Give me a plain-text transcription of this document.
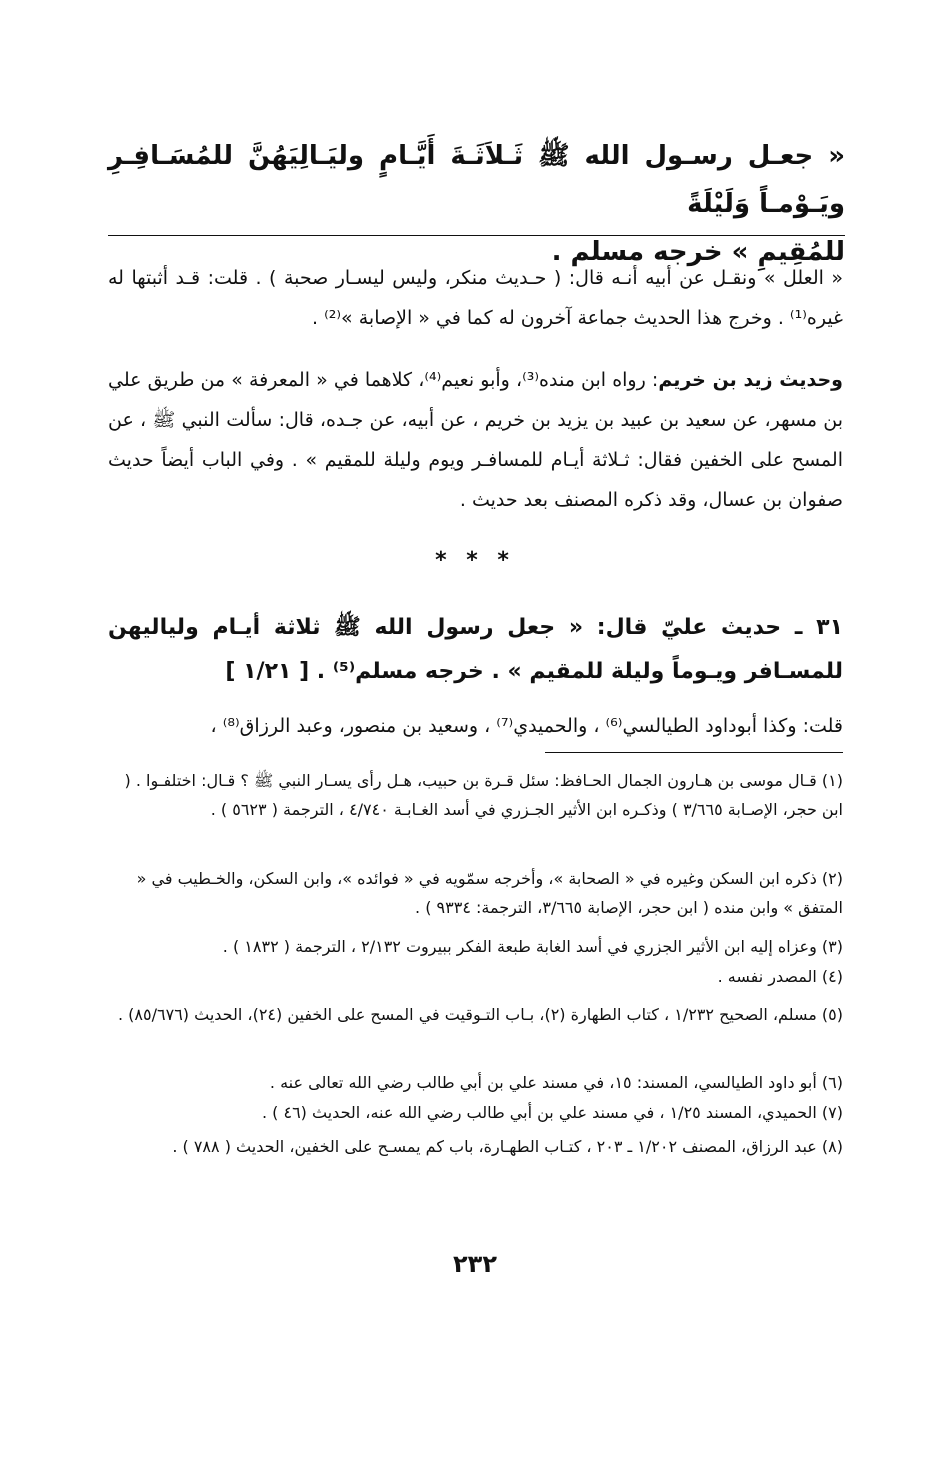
« جعـل رسـول الله ﷺ ثَـلاَثَـةَ أَيَّـامٍ وليَـالِيَهُنَّ للمُسَـافِـرِ ويَـوْمـاً وَلَيْلَةً
للمُقِيمِ » خرجه مسلم .
« العلل » ونقـل عن أبيه أنـه قال: ( حـديث منكر، وليس ليسـار صحبة ) . قلت: قـد أثبتها له غيره⁽¹⁾ . وخرج هذا الحديث جماعة آخرون له كما في « الإصابة »⁽²⁾ .
وحديث زيد بن خريم: رواه ابن منده⁽³⁾، وأبو نعيم⁽⁴⁾، كلاهما في « المعرفة » من طريق علي بن مسهر، عن سعيد بن عبيد بن يزيد بن خريم ، عن أبيه، عن جـده، قال: سألت النبي ﷺ ، عن المسح على الخفين فقال: ثـلاثة أيـام للمسافـر ويوم وليلة للمقيم » . وفي الباب أيضاً حديث صفوان بن عسال، وقد ذكره المصنف بعد حديث .
* * *
٣١ ـ حديث عليّ قال: « جعل رسول الله ﷺ ثلاثة أيـام ولياليهن للمسـافر ويـوماً وليلة للمقيم » . خرجه مسلم⁽⁵⁾ . [ ١/٢١ ]
قلت: وكذا أبوداود الطيالسي⁽⁶⁾ ، والحميدي⁽⁷⁾ ، وسعيد بن منصور، وعبد الرزاق⁽⁸⁾ ،
(١) قـال موسى بن هـارون الجمال الحـافظ: سئل قـرة بن حبيب، هـل رأى يسـار النبي ﷺ ؟ قـال: اختلفـوا . ( ابن حجر، الإصـابة ٣/٦٦٥ ) وذكـره ابن الأثير الجـزري في أسد الغـابـة ٤/٧٤٠ ، الترجمة ( ٥٦٢٣ ) .
(٢) ذكره ابن السكن وغيره في « الصحابة »، وأخرجه سمّويه في « فوائده »، وابن السكن، والخـطيب في « المتفق » وابن منده ( ابن حجر، الإصابة ٣/٦٦٥، الترجمة: ٩٣٣٤ ) .
(٣) وعزاه إليه ابن الأثير الجزري في أسد الغابة طبعة الفكر ببيروت ٢/١٣٢ ، الترجمة ( ١٨٣٢ ) .
(٤) المصدر نفسه .
(٥) مسلم، الصحيح ١/٢٣٢ ، كتاب الطهارة (٢)، بـاب التـوقيت في المسح على الخفين (٢٤)، الحديث (٨٥/٦٧٦) .
(٦) أبو داود الطيالسي، المسند: ١٥، في مسند علي بن أبي طالب رضي الله تعالى عنه .
(٧) الحميدي، المسند ١/٢٥ ، في مسند علي بن أبي طالب رضي الله عنه، الحديث (٤٦ ) .
(٨) عبد الرزاق، المصنف ١/٢٠٢ ـ ٢٠٣ ، كتـاب الطهـارة، باب كم يمسـح على الخفين، الحديث ( ٧٨٨ ) .
٢٣٢
